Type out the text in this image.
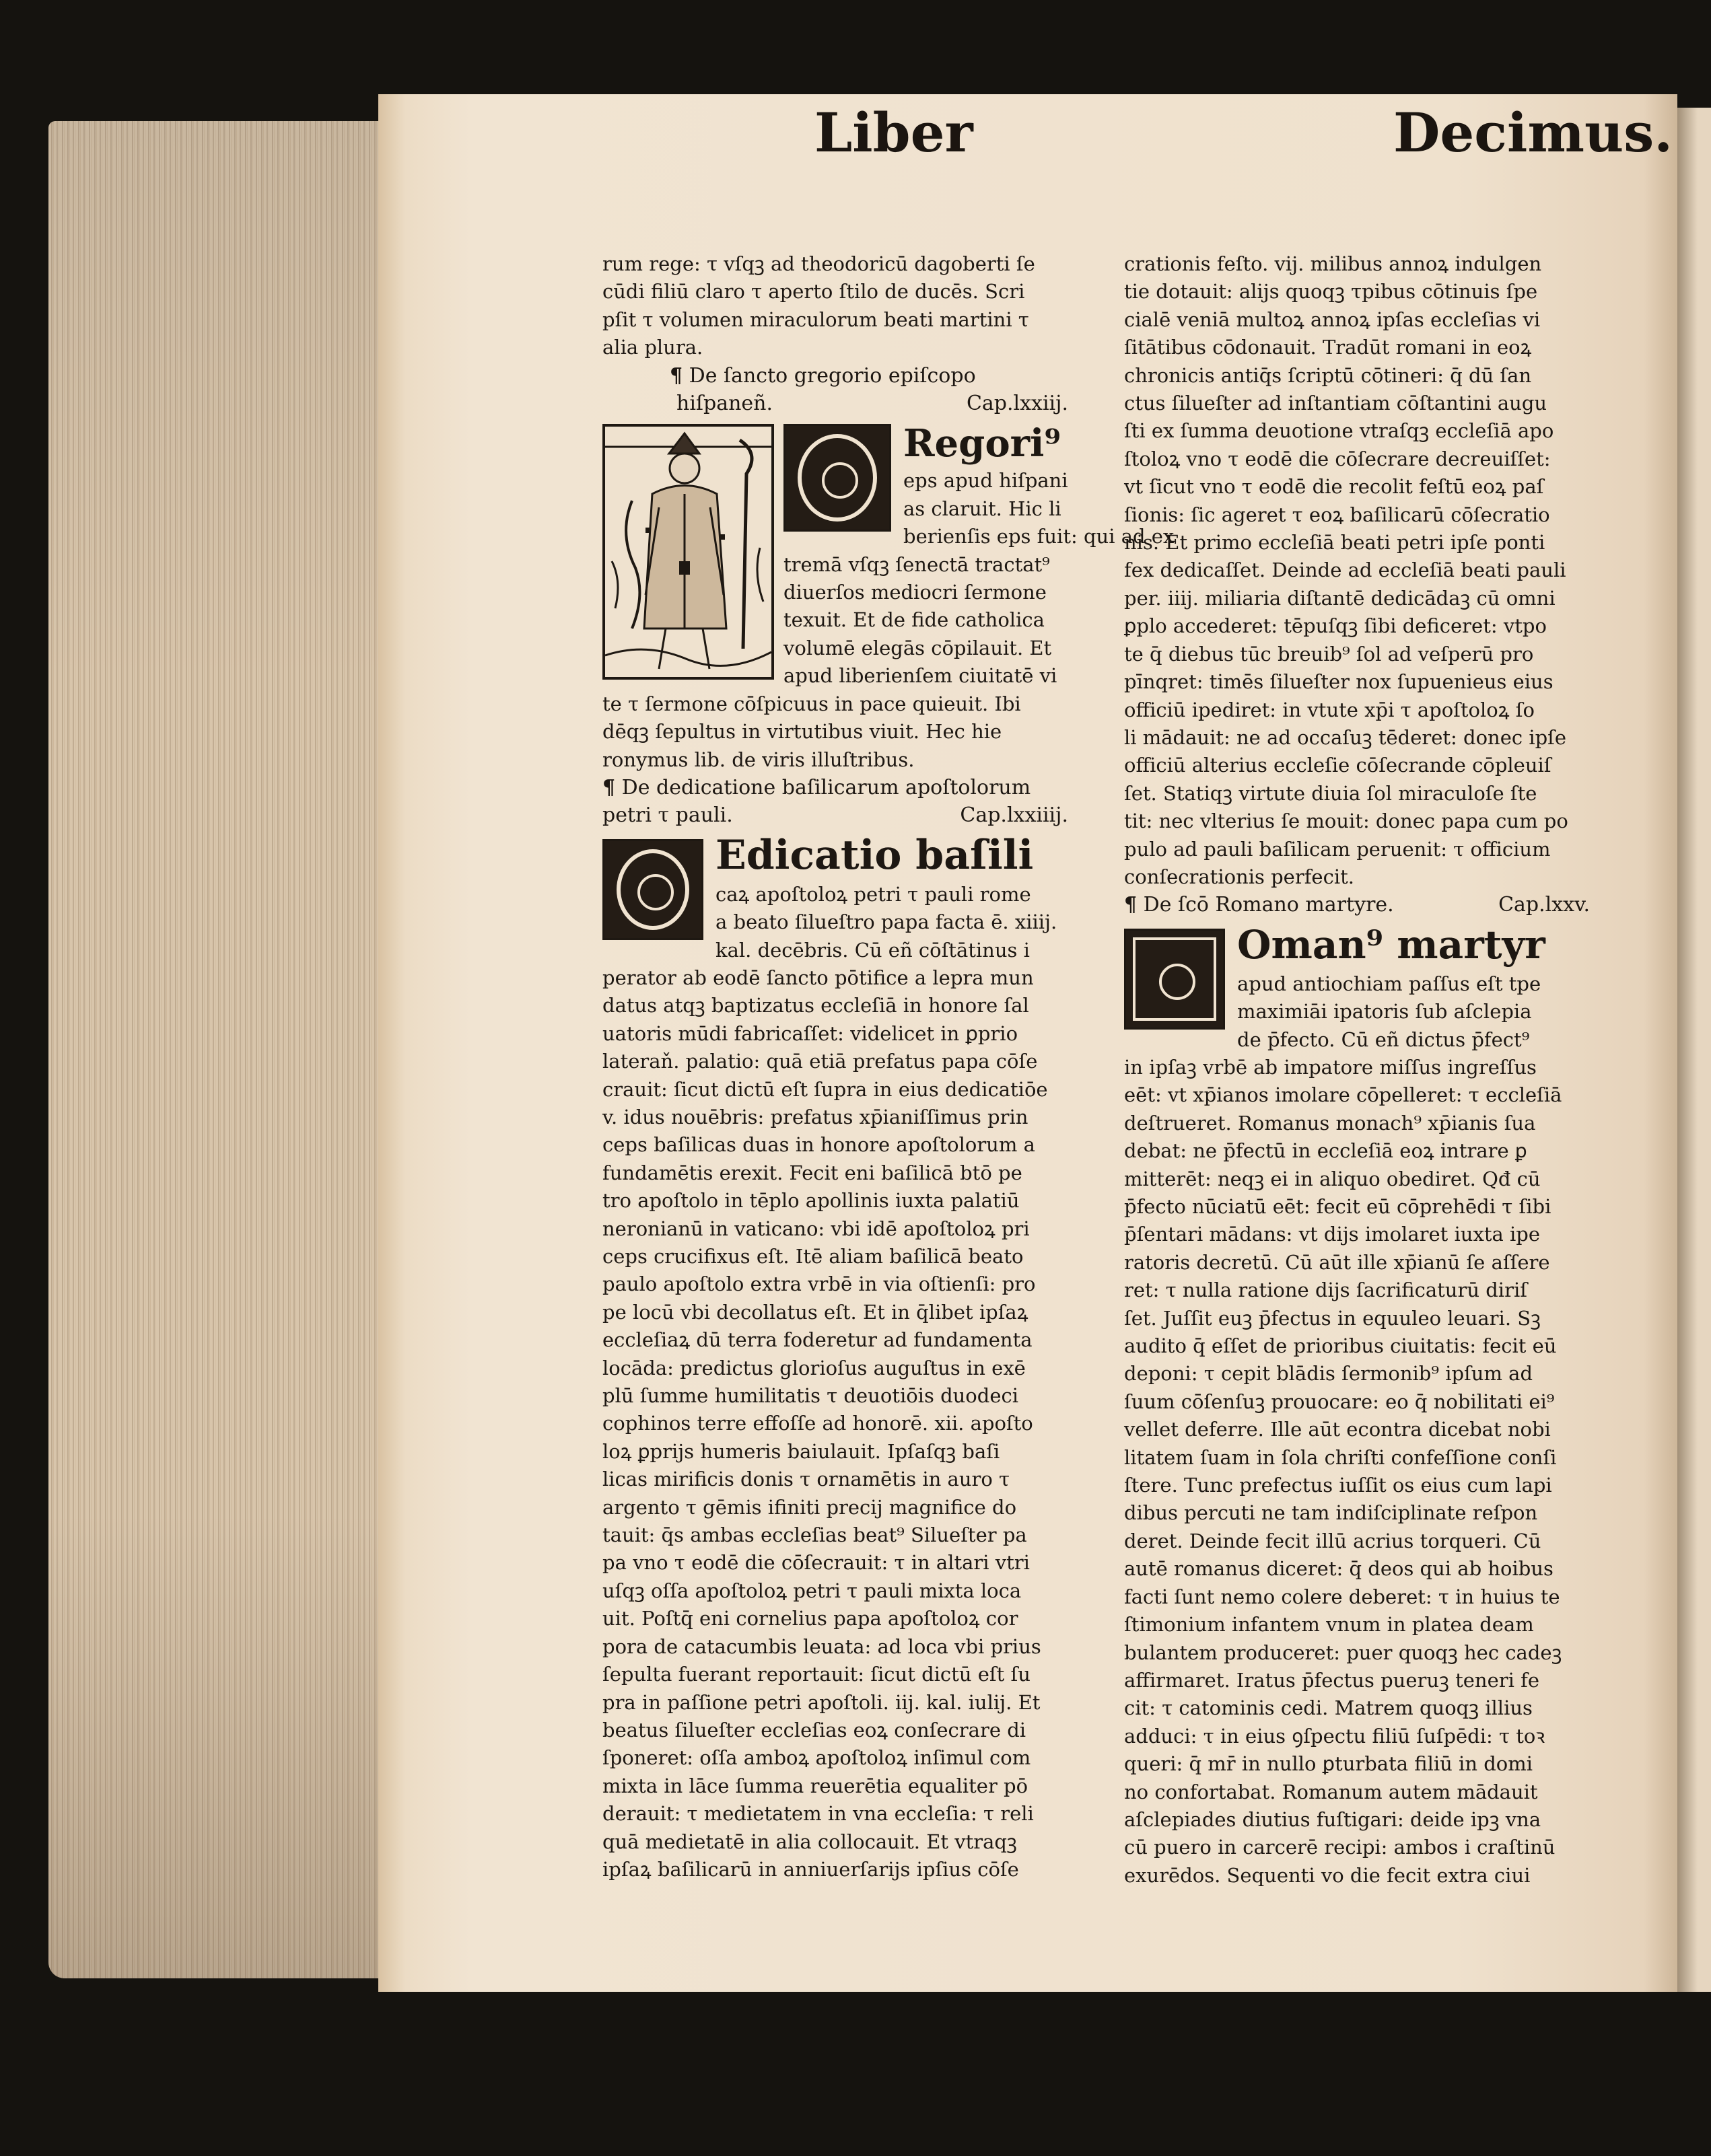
Liber	Decimus.
rum rege: τ vſqꝫ ad theodoricū dagoberti ſe
cūdi filiū claro τ aperto ſtilo de ducēs. Scri
pſit τ volumen miraculorum beati martini τ
alia plura.
¶ De ſancto gregorio epiſcopo
hiſpaneñ.	Cap.lxxiij.
Regori⁹
eps apud hiſpani
as claruit. Hic li
berienſis eps fuit: qui ad ex
tremā vſqꝫ ſenectā tractat⁹
diuerſos mediocri ſermone
texuit. Et de fide catholica
volumē elegās cōpilauit. Et
apud liberienſem ciuitatē vi
te τ ſermone cōſpicuus in pace quieuit. Ibi
dēqꝫ ſepultus in virtutibus viuit. Hec hie
ronymus lib. de viris illuſtribus.
¶ De dedicatione baſilicarum apoſtolorum
petri τ pauli.	Cap.lxxiiij.
Edicatio baſili
caꝝ apoſtoloꝝ petri τ pauli rome
a beato ſilueſtro papa facta ē. xiiij.
kal. decēbris. Cū eñ cōſtātinus i
perator ab eodē ſancto pōtifice a lepra mun
datus atqꝫ baptizatus eccleſiā in honore ſal
uatoris mūdi fabricaſſet: videlicet in ꝑprio
lateraň. palatio: quā etiā prefatus papa cōſe
crauit: ſicut dictū eſt ſupra in eius dedicatiōe
v. idus nouēbris: prefatus xp̄ianiſſimus prin
ceps baſilicas duas in honore apoſtolorum a
fundamētis erexit. Fecit eni baſilicā btō pe
tro apoſtolo in tēplo apollinis iuxta palatiū
neronianū in vaticano: vbi idē apoſtoloꝝ pri
ceps crucifixus eſt. Itē aliam baſilicā beato
paulo apoſtolo extra vrbē in via oſtienſi: pro
pe locū vbi decollatus eſt. Et in q̄libet ipſaꝝ
eccleſiaꝝ dū terra foderetur ad fundamenta
locāda: predictus glorioſus auguſtus in exē
plū ſumme humilitatis τ deuotiōis duodeci
cophinos terre effoſſe ad honorē. xii. apoſto
loꝝ ꝑprijs humeris baiulauit. Ipſaſqꝫ baſi
licas mirificis donis τ ornamētis in auro τ
argento τ gēmis ifiniti precij magnifice do
tauit: q̄s ambas eccleſias beat⁹ Silueſter pa
pa vno τ eodē die cōſecrauit: τ in altari vtri
uſqꝫ oſſa apoſtoloꝝ petri τ pauli mixta loca
uit. Poſtq̄ eni cornelius papa apoſtoloꝝ cor
pora de catacumbis leuata: ad loca vbi prius
ſepulta fuerant reportauit: ſicut dictū eſt ſu
pra in paſſione petri apoſtoli. iij. kal. iulij. Et
beatus ſilueſter eccleſias eoꝝ conſecrare di
ſponeret: oſſa amboꝝ apoſtoloꝝ inſimul com
mixta in lāce ſumma reuerētia equaliter pō
derauit: τ medietatem in vna eccleſia: τ reli
quā medietatē in alia collocauit. Et vtraqꝫ
ipſaꝝ baſilicarū in anniuerſarijs ipſius cōſe
crationis feſto. vij. milibus annoꝝ indulgen
tie dotauit: alijs quoqꝫ τpibus cōtinuis ſpe
cialē veniā multoꝝ annoꝝ ipſas eccleſias vi
ſitātibus cōdonauit. Tradūt romani in eoꝝ
chronicis antiq̄s ſcriptū cōtineri: q̄ dū ſan
ctus ſilueſter ad inſtantiam cōſtantini augu
ſti ex ſumma deuotione vtraſqꝫ eccleſiā apo
ſtoloꝝ vno τ eodē die cōſecrare decreuiſſet:
vt ſicut vno τ eodē die recolit feſtū eoꝝ paſ
ſionis: ſic ageret τ eoꝝ baſilicarū cōſecratio
nis. Et primo eccleſiā beati petri ipſe ponti
fex dedicaſſet. Deinde ad eccleſiā beati pauli
per. iiij. miliaria diſtantē dedicādaꝫ cū omni
ꝑplo accederet: tēpuſqꝫ ſibi deficeret: vtpo
te q̄ diebus tūc breuib⁹ ſol ad veſperū pro
pīnqret: timēs ſilueſter nox ſupuenieus eius
officiū ipediret: in vtute xp̄i τ apoſtoloꝝ ſo
li mādauit: ne ad occaſuꝫ tēderet: donec ipſe
officiū alterius eccleſie cōſecrande cōpleuiſ
ſet. Statiqꝫ virtute diuia ſol miraculoſe ſte
tit: nec vlterius ſe mouit: donec papa cum po
pulo ad pauli baſilicam peruenit: τ officium
conſecrationis perfecit.
¶ De ſcō Romano martyre.	Cap.lxxv.
Oman⁹ martyr
apud antiochiam paſſus eſt tpe
maximiāi ipatoris ſub aſclepia
de p̄fecto. Cū eñ dictus p̄fect⁹
in ipſaꝫ vrbē ab impatore miſſus ingreſſus
eēt: vt xp̄ianos imolare cōpelleret: τ eccleſiā
deſtrueret. Romanus monach⁹ xp̄ianis ſua
debat: ne p̄fectū in eccleſiā eoꝝ intrare ꝑ
mitterēt: neqꝫ ei in aliquo obediret. Qđ cū
p̄fecto nūciatū eēt: fecit eū cōprehēdi τ ſibi
p̄ſentari mādans: vt dijs imolaret iuxta ipe
ratoris decretū. Cū aūt ille xp̄ianū ſe aſſere
ret: τ nulla ratione dijs ſacrificaturū diriſ
ſet. Juſſit euꝫ p̄fectus in equuleo leuari. Sꝫ
audito q̄ eſſet de prioribus ciuitatis: fecit eū
deponi: τ cepit blādis ſermonib⁹ ipſum ad
ſuum cōſenſuꝫ prouocare: eo q̄ nobilitati ei⁹
vellet deferre. Ille aūt econtra dicebat nobi
litatem ſuam in ſola chriſti confeſſione conſi
ſtere. Tunc prefectus iuſſit os eius cum lapi
dibus percuti ne tam indiſciplinate reſpon
deret. Deinde fecit illū acrius torqueri. Cū
autē romanus diceret: q̄ deos qui ab hoibus
facti ſunt nemo colere deberet: τ in huius te
ſtimonium infantem vnum in platea deam
bulantem produceret: puer quoqꝫ hec cadeꝫ
affirmaret. Iratus p̄fectus pueruꝫ teneri fe
cit: τ catominis cedi. Matrem quoqꝫ illius
adduci: τ in eius ꝯſpectu filiū ſuſpēdi: τ toꝛ
queri: q̄ mr̄ in nullo ꝑturbata filiū in domi
no confortabat. Romanum autem mādauit
aſclepiades diutius fuſtigari: deide ipꝫ vna
cū puero in carcerē recipi: ambos i craſtinū
exurēdos. Sequenti vo die fecit extra ciui
